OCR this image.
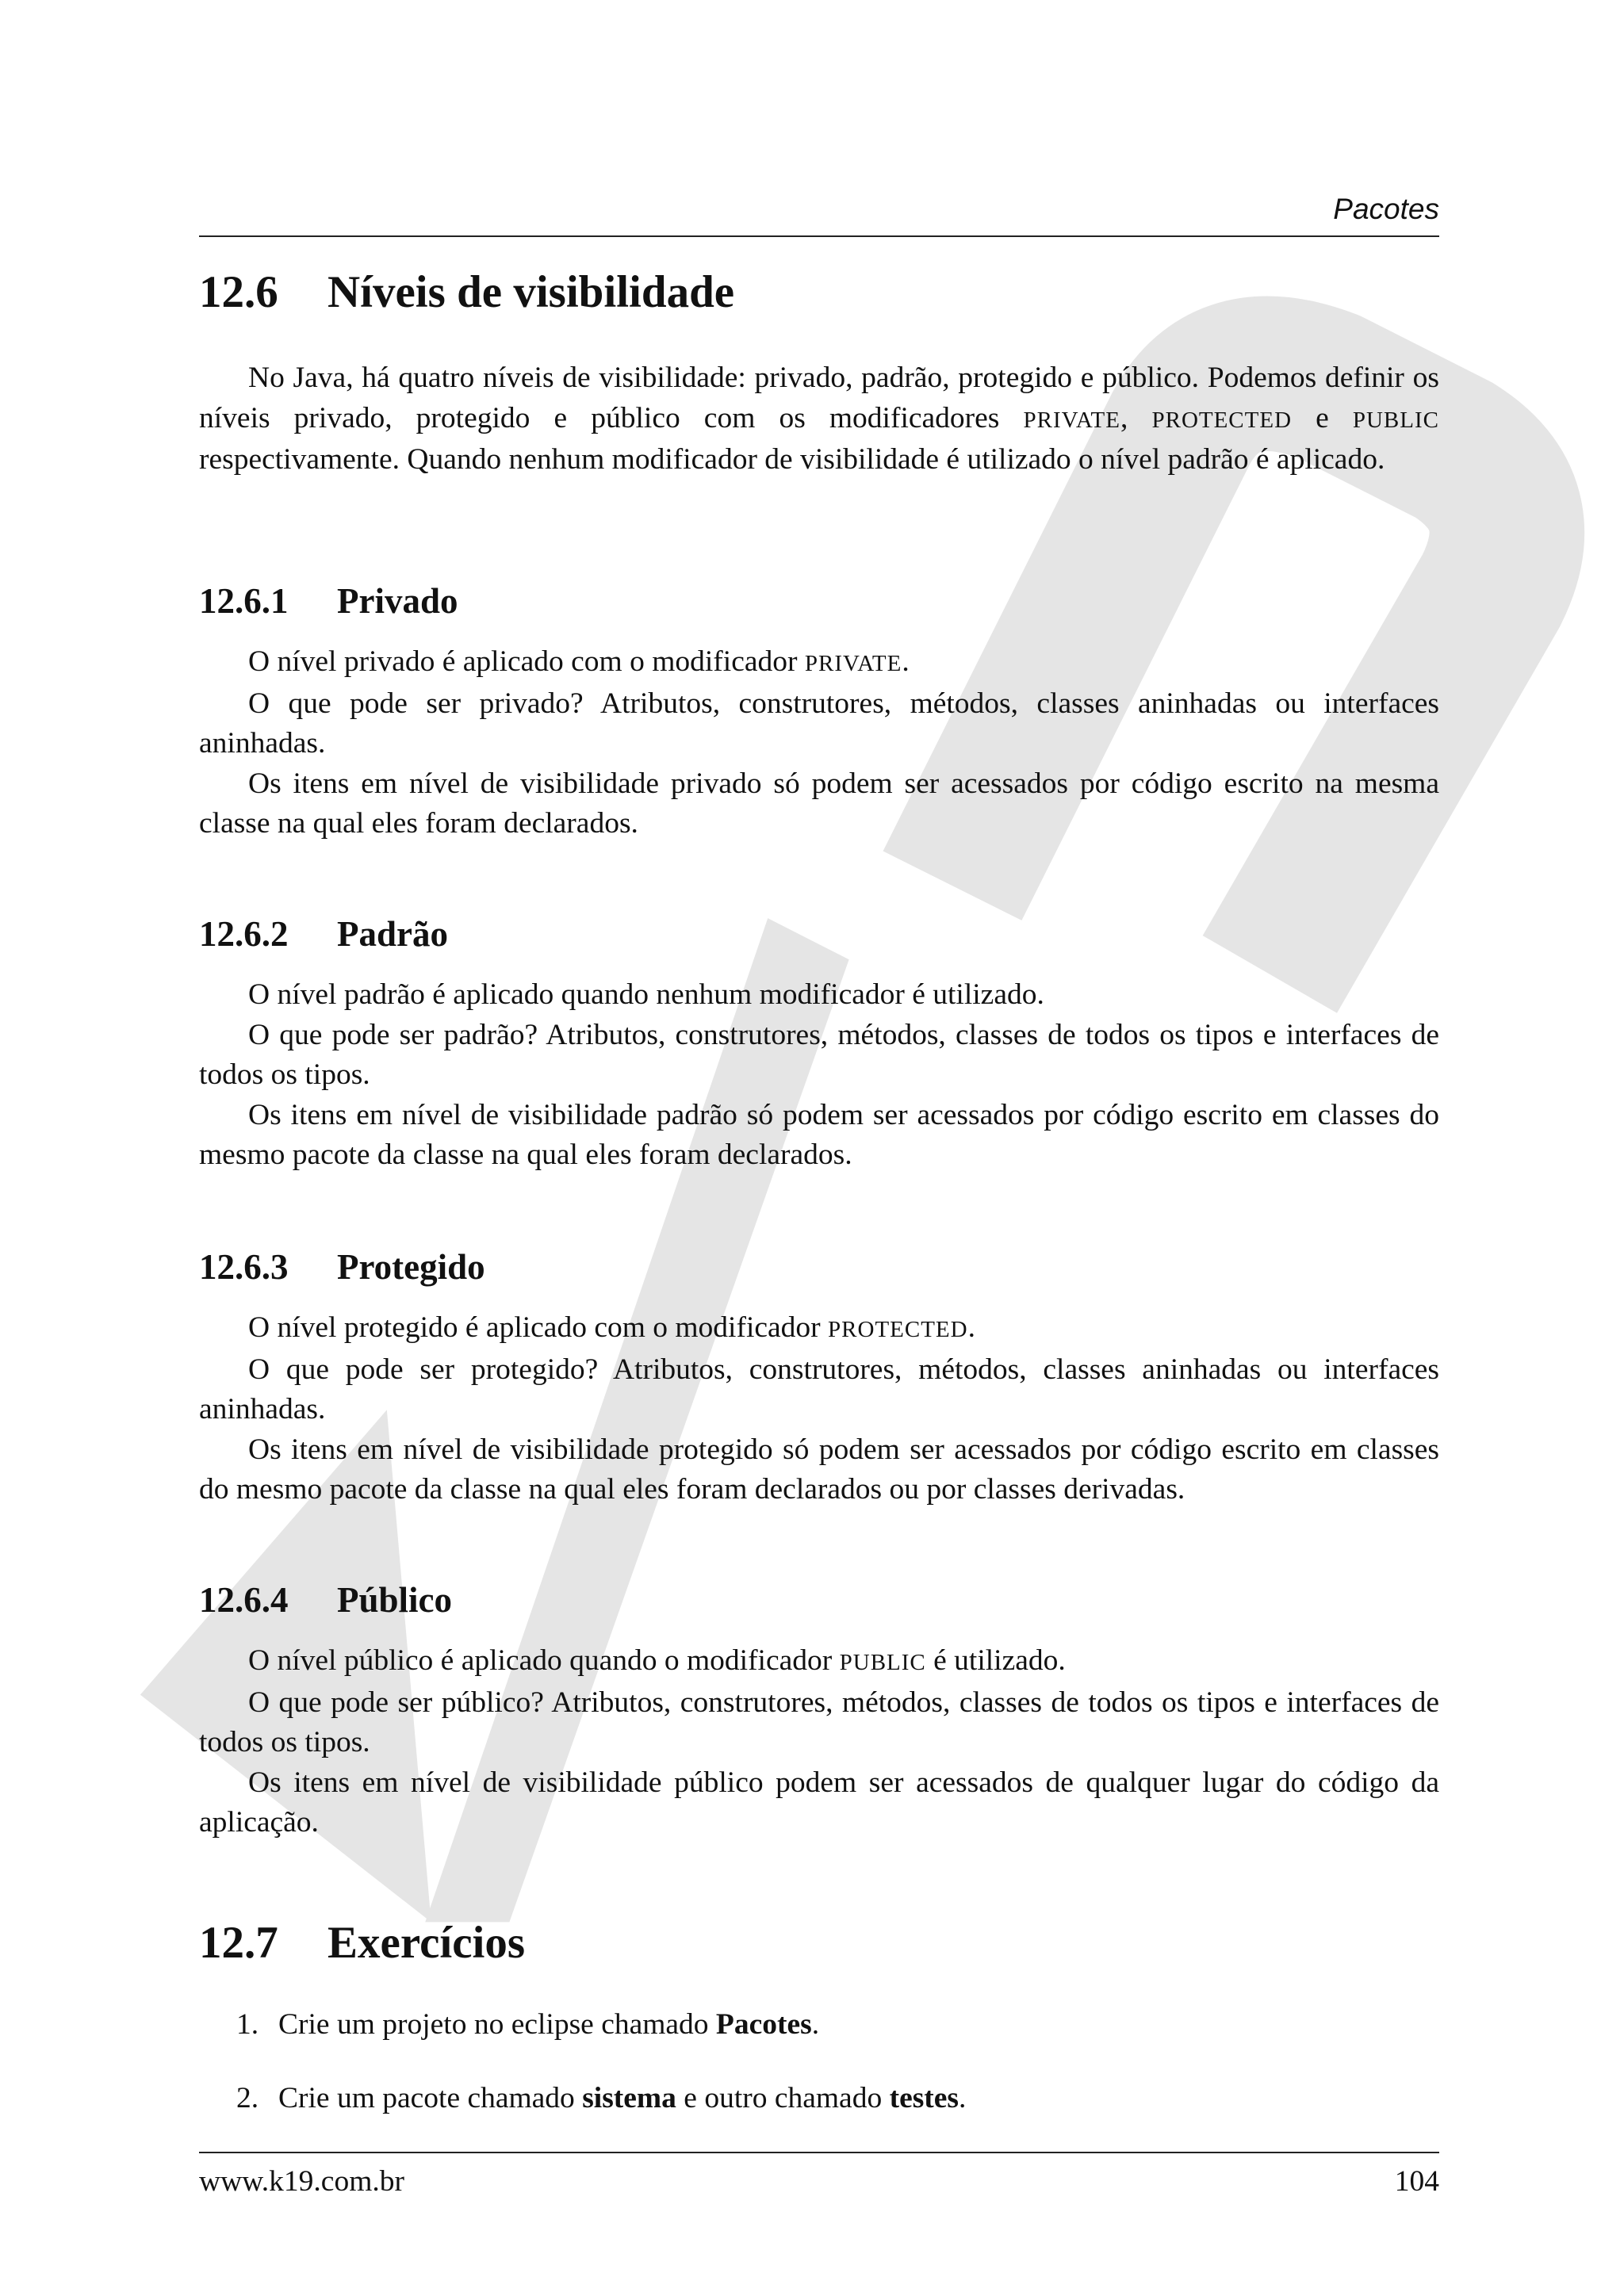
Pacotes
12.6 Níveis de visibilidade

No Java, há quatro níveis de visibilidade: privado, padrão, protegido e público. Podemos definir os níveis privado, protegido e público com os modificadores PRIVATE, PROTECTED e PUBLIC respectivamente. Quando nenhum modificador de visibilidade é utilizado o nível padrão é aplicado.

12.6.1 Privado

O nível privado é aplicado com o modificador PRIVATE.

O que pode ser privado? Atributos, construtores, métodos, classes aninhadas ou interfaces aninhadas.

Os itens em nível de visibilidade privado só podem ser acessados por código escrito na mesma classe na qual eles foram declarados.

12.6.2 Padrão

O nível padrão é aplicado quando nenhum modificador é utilizado.

O que pode ser padrão? Atributos, construtores, métodos, classes de todos os tipos e interfaces de todos os tipos.

Os itens em nível de visibilidade padrão só podem ser acessados por código escrito em classes do mesmo pacote da classe na qual eles foram declarados.

12.6.3 Protegido

O nível protegido é aplicado com o modificador PROTECTED.

O que pode ser protegido? Atributos, construtores, métodos, classes aninhadas ou interfaces aninhadas.

Os itens em nível de visibilidade protegido só podem ser acessados por código escrito em classes do mesmo pacote da classe na qual eles foram declarados ou por classes derivadas.

12.6.4 Público

O nível público é aplicado quando o modificador PUBLIC é utilizado.

O que pode ser público? Atributos, construtores, métodos, classes de todos os tipos e interfaces de todos os tipos.

Os itens em nível de visibilidade público podem ser acessados de qualquer lugar do código da aplicação.

12.7 Exercícios
1. Crie um projeto no eclipse chamado Pacotes.
2. Crie um pacote chamado sistema e outro chamado testes.
www.k19.com.br	104
